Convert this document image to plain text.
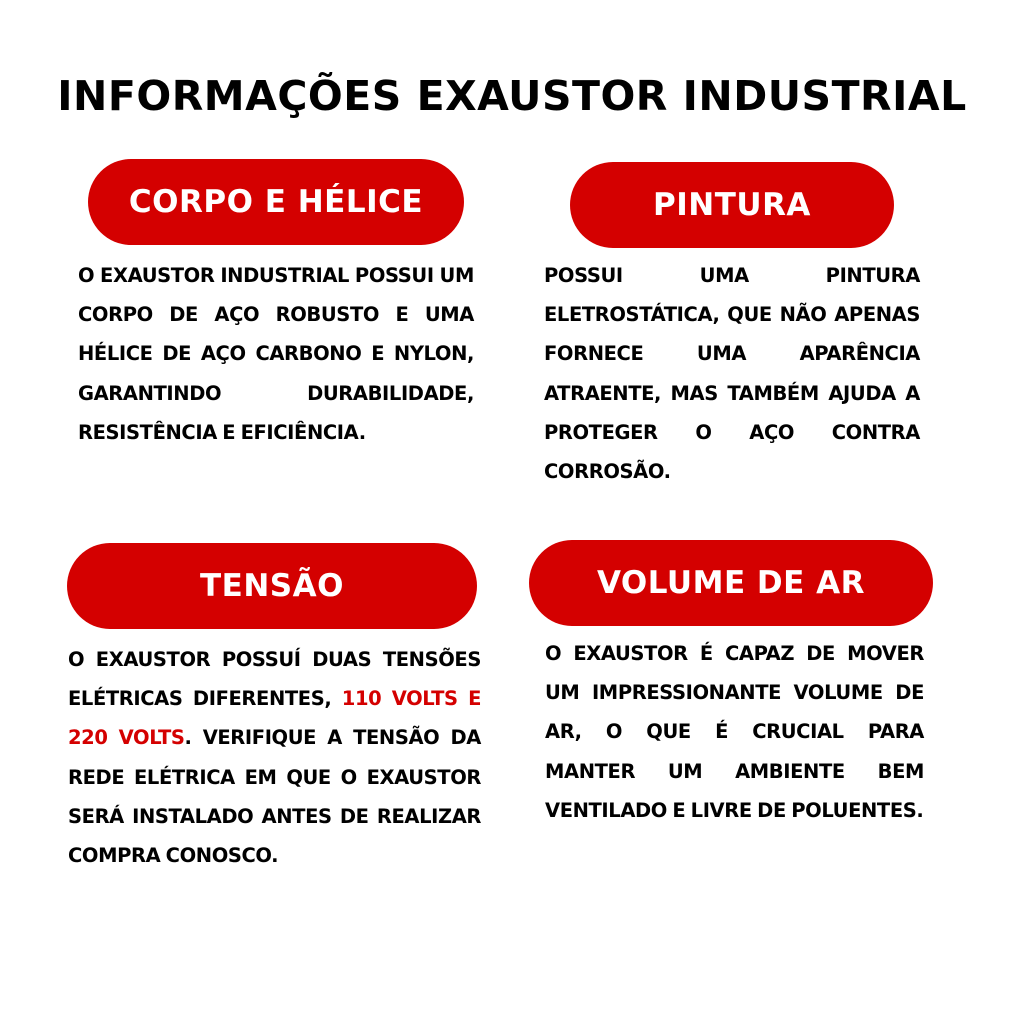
INFORMAÇÕES EXAUSTOR INDUSTRIAL
CORPO E HÉLICE
O EXAUSTOR INDUSTRIAL POSSUI UM CORPO DE AÇO ROBUSTO E UMA HÉLICE DE AÇO CARBONO E NYLON, GARANTINDO DURABILIDADE, RESISTÊNCIA E EFICIÊNCIA.
PINTURA
POSSUI UMA PINTURA ELETROSTÁTICA, QUE NÃO APENAS FORNECE UMA APARÊNCIA ATRAENTE, MAS TAMBÉM AJUDA A PROTEGER O AÇO CONTRA CORROSÃO.
TENSÃO
O EXAUSTOR POSSUÍ DUAS TENSÕES ELÉTRICAS DIFERENTES, 110 VOLTS E 220 VOLTS. VERIFIQUE A TENSÃO DA REDE ELÉTRICA EM QUE O EXAUSTOR SERÁ INSTALADO ANTES DE REALIZAR COMPRA CONOSCO.
VOLUME DE AR
O EXAUSTOR É CAPAZ DE MOVER UM IMPRESSIONANTE VOLUME DE AR, O QUE É CRUCIAL PARA MANTER UM AMBIENTE BEM VENTILADO E LIVRE DE POLUENTES.
